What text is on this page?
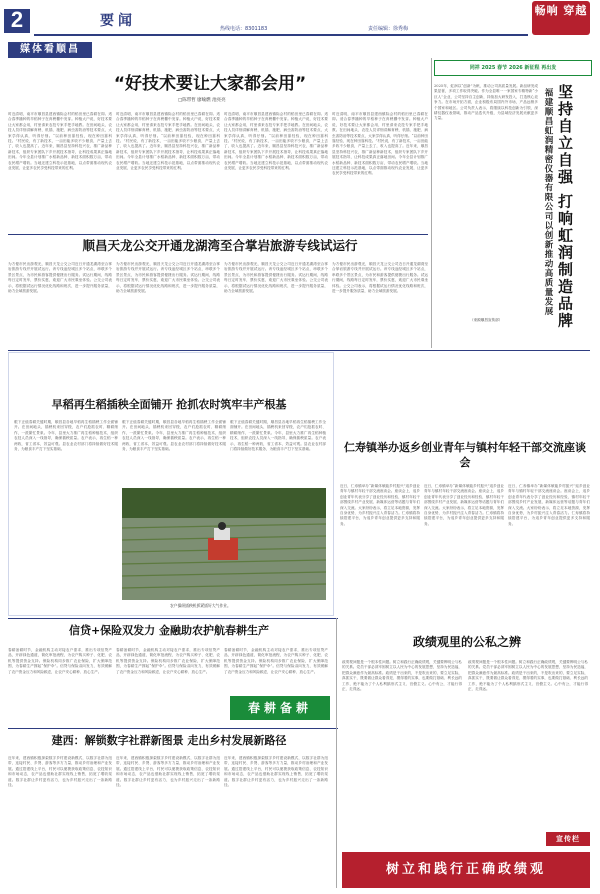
2	要闻	热线电话：8301183	责任编辑：徐秀梅
畅响 穿越
媒体看顺昌
“好技术要让大家都会用”
□陈带哲 廖喻燃 池亮亮
时近清明，南平市顺昌县建西镇际会村的稻田里已春耕在即。适合春季播种的早稻种子在育秧棚中发芽。种植大户说，好技术要让大家都会用，村里请来农技专家手把手地教。在田间地头，农技人员详细讲解育秧、机插、施肥、病虫害防治等技术要点，大家学得认真，听得仔细。“以前种田靠经验，现在种田靠科技。”村民说，有了新技术，一亩田能多收不少粮食，产量上去了，收入也提高了。近年来，顺昌县坚持科技兴农，推广新品种新技术，组织专家团队下乡开展技术指导，让科技成果真正落地田间。今年全县计划推广水稻新品种、新技术面积数万亩，带动农民增产增收。当地还建立科技示范基地，以点带面推动现代农业发展，让更多农民享受科技带来的红利。
时近清明，南平市顺昌县建西镇际会村的稻田里已春耕在即。适合春季播种的早稻种子在育秧棚中发芽。种植大户说，好技术要让大家都会用，村里请来农技专家手把手地教。在田间地头，农技人员详细讲解育秧、机插、施肥、病虫害防治等技术要点，大家学得认真，听得仔细。“以前种田靠经验，现在种田靠科技。”村民说，有了新技术，一亩田能多收不少粮食，产量上去了，收入也提高了。近年来，顺昌县坚持科技兴农，推广新品种新技术，组织专家团队下乡开展技术指导，让科技成果真正落地田间。今年全县计划推广水稻新品种、新技术面积数万亩，带动农民增产增收。当地还建立科技示范基地，以点带面推动现代农业发展，让更多农民享受科技带来的红利。
时近清明，南平市顺昌县建西镇际会村的稻田里已春耕在即。适合春季播种的早稻种子在育秧棚中发芽。种植大户说，好技术要让大家都会用，村里请来农技专家手把手地教。在田间地头，农技人员详细讲解育秧、机插、施肥、病虫害防治等技术要点，大家学得认真，听得仔细。“以前种田靠经验，现在种田靠科技。”村民说，有了新技术，一亩田能多收不少粮食，产量上去了，收入也提高了。近年来，顺昌县坚持科技兴农，推广新品种新技术，组织专家团队下乡开展技术指导，让科技成果真正落地田间。今年全县计划推广水稻新品种、新技术面积数万亩，带动农民增产增收。当地还建立科技示范基地，以点带面推动现代农业发展，让更多农民享受科技带来的红利。
时近清明，南平市顺昌县建西镇际会村的稻田里已春耕在即。适合春季播种的早稻种子在育秧棚中发芽。种植大户说，好技术要让大家都会用，村里请来农技专家手把手地教。在田间地头，农技人员详细讲解育秧、机插、施肥、病虫害防治等技术要点，大家学得认真，听得仔细。“以前种田靠经验，现在种田靠科技。”村民说，有了新技术，一亩田能多收不少粮食，产量上去了，收入也提高了。近年来，顺昌县坚持科技兴农，推广新品种新技术，组织专家团队下乡开展技术指导，让科技成果真正落地田间。今年全县计划推广水稻新品种、新技术面积数万亩，带动农民增产增收。当地还建立科技示范基地，以点带面推动现代农业发展，让更多农民享受科技带来的红利。
同祥 2025 春节 2026 新征程 再出发
2025年，虹润以“创新”为帆，推动公司高质量发展。新品研发成果显著，多项工作取得突破。作为全县唯一一家国家专精特新“小巨人”企业，公司坚持自主创新，持续加大研发投入，打造核心竞争力。在市场开拓方面，企业积极布局国内外市场，产品远销多个国家和地区。公司负责人表示，将继续以科技创新为引领，深耕仪器仪表领域，推动产品迭代升级，为县域经济发展贡献更多力量。
（来源顺昌宣传部）
福建顺昌虹润精密仪器有限公司以创新推动高质量发展 坚持自立自强 打响虹润制造品牌
顺昌天龙公交开通龙湖湾至合掌岩旅游专线试运行
为方便市民出游观光，顺昌天龙公交公司近日开通龙湖湾至合掌岩旅游专线并开展试运行。该专线途经城区多个站点，串联多个景区景点，为市民和游客提供便捷出行服务。试运行期间，线路每日定时发车，票价实惠，欢迎广大市民乘坐体验。公交公司表示，将根据试运行情况优化线路和班次，进一步提升服务质量，助力全域旅游发展。
为方便市民出游观光，顺昌天龙公交公司近日开通龙湖湾至合掌岩旅游专线并开展试运行。该专线途经城区多个站点，串联多个景区景点，为市民和游客提供便捷出行服务。试运行期间，线路每日定时发车，票价实惠，欢迎广大市民乘坐体验。公交公司表示，将根据试运行情况优化线路和班次，进一步提升服务质量，助力全域旅游发展。
为方便市民出游观光，顺昌天龙公交公司近日开通龙湖湾至合掌岩旅游专线并开展试运行。该专线途经城区多个站点，串联多个景区景点，为市民和游客提供便捷出行服务。试运行期间，线路每日定时发车，票价实惠，欢迎广大市民乘坐体验。公交公司表示，将根据试运行情况优化线路和班次，进一步提升服务质量，助力全域旅游发展。
为方便市民出游观光，顺昌天龙公交公司近日开通龙湖湾至合掌岩旅游专线并开展试运行。该专线途经城区多个站点，串联多个景区景点，为市民和游客提供便捷出行服务。试运行期间，线路每日定时发车，票价实惠，欢迎广大市民乘坐体验。公交公司表示，将根据试运行情况优化线路和班次，进一步提升服务质量，助力全域旅游发展。
早稻再生稻插秧全面铺开 抢抓农时筑牢丰产根基
眼下正值春耕关键时期，顺昌县各地早稻再生稻插秧工作全面铺开。在田间地头，插秧机来回穿梭，农户们抢抓农时、精耕细作，一派繁忙景象。今年，县里大力推广再生稻种植技术，组织农技人员深入一线指导，确保插秧质量。农户表示，再生稻一种两收，省工省本，效益可观。县农业农村部门将持续做好技术服务，为粮食丰产打下坚实基础。
眼下正值春耕关键时期，顺昌县各地早稻再生稻插秧工作全面铺开。在田间地头，插秧机来回穿梭，农户们抢抓农时、精耕细作，一派繁忙景象。今年，县里大力推广再生稻种植技术，组织农技人员深入一线指导，确保插秧质量。农户表示，再生稻一种两收，省工省本，效益可观。县农业农村部门将持续做好技术服务，为粮食丰产打下坚实基础。
眼下正值春耕关键时期，顺昌县各地早稻再生稻插秧工作全面铺开。在田间地头，插秧机来回穿梭，农户们抢抓农时、精耕细作，一派繁忙景象。今年，县里大力推广再生稻种植技术，组织农技人员深入一线指导，确保插秧质量。农户表示，再生稻一种两收，省工省本，效益可观。县农业农村部门将持续做好技术服务，为粮食丰产打下坚实基础。
农户操纵插秧机抓紧插好大气作业。
仁寿镇举办返乡创业青年与镇村年轻干部交流座谈会
近日，仁寿镇举办“新媒体赋能乡村振兴”返乡创业青年与镇村年轻干部交流座谈会。座谈会上，返乡创业青年代表分享了创业经历和经验，镇村年轻干部围绕乡村产业发展、新媒体运营等话题与青年们深入交流。大家纷纷表示，将立足本地资源，发挥自身优势，为乡村振兴注入青春活力。仁寿镇将持续搭建平台，为返乡青年创业提供更多支持和服务。
近日，仁寿镇举办“新媒体赋能乡村振兴”返乡创业青年与镇村年轻干部交流座谈会。座谈会上，返乡创业青年代表分享了创业经历和经验，镇村年轻干部围绕乡村产业发展、新媒体运营等话题与青年们深入交流。大家纷纷表示，将立足本地资源，发挥自身优势，为乡村振兴注入青春活力。仁寿镇将持续搭建平台，为返乡青年创业提供更多支持和服务。
近日，仁寿镇举办“新媒体赋能乡村振兴”返乡创业青年与镇村年轻干部交流座谈会。座谈会上，返乡创业青年代表分享了创业经历和经验，镇村年轻干部围绕乡村产业发展、新媒体运营等话题与青年们深入交流。大家纷纷表示，将立足本地资源，发挥自身优势，为乡村振兴注入青春活力。仁寿镇将持续搭建平台，为返乡青年创业提供更多支持和服务。
信贷+保险双发力 金融助农护航春耕生产
春耕备耕时节，金融机构主动对接农户需求，推出专项信贷产品，开辟绿色通道，简化审批流程，为农户购买种子、化肥、农机等提供资金支持。保险机构同步推广农业保险，扩大保障范围，为春耕生产撑起“保护伞”。信贷与保险双向发力，有效缓解了农户资金压力和风险顾虑，让农户安心耕种、放心生产。
春耕备耕时节，金融机构主动对接农户需求，推出专项信贷产品，开辟绿色通道，简化审批流程，为农户购买种子、化肥、农机等提供资金支持。保险机构同步推广农业保险，扩大保障范围，为春耕生产撑起“保护伞”。信贷与保险双向发力，有效缓解了农户资金压力和风险顾虑，让农户安心耕种、放心生产。
春耕备耕时节，金融机构主动对接农户需求，推出专项信贷产品，开辟绿色通道，简化审批流程，为农户购买种子、化肥、农机等提供资金支持。保险机构同步推广农业保险，扩大保障范围，为春耕生产撑起“保护伞”。信贷与保险双向发力，有效缓解了农户资金压力和风险顾虑，让农户安心耕种、放心生产。
春耕备耕
建西：解锁数字社群新图景 走出乡村发展新路径
近年来，建西镇积极探索数字乡村建设新模式，以数字社群为纽带，连接村民、乡贤、游客等多方力量，推动乡村治理和产业发展。通过搭建线上平台，村民可以便捷获取政策信息、农技知识和市场动态，农产品也借助社群实现线上销售，拓宽了增收渠道。数字社群让乡村更有活力，也为乡村振兴走出了一条新路径。
近年来，建西镇积极探索数字乡村建设新模式，以数字社群为纽带，连接村民、乡贤、游客等多方力量，推动乡村治理和产业发展。通过搭建线上平台，村民可以便捷获取政策信息、农技知识和市场动态，农产品也借助社群实现线上销售，拓宽了增收渠道。数字社群让乡村更有活力，也为乡村振兴走出了一条新路径。
近年来，建西镇积极探索数字乡村建设新模式，以数字社群为纽带，连接村民、乡贤、游客等多方力量，推动乡村治理和产业发展。通过搭建线上平台，村民可以便捷获取政策信息、农技知识和市场动态，农产品也借助社群实现线上销售，拓宽了增收渠道。数字社群让乡村更有活力，也为乡村振兴走出了一条新路径。
政绩观里的公私之辨
政绩观问题是一个根本性问题。树立和践行正确政绩观，关键要辨明公与私的关系。党员干部必须牢固树立以人民为中心的发展思想，坚持为民造福，把群众满意作为最高标准。政绩是干出来的，不是吹出来的，要立足实际，真抓实干，既要做让群众看得见、摸得着的实事，也要做打基础、利长远的工作，绝不能为了个人私利搞形式主义、官僚主义。心中有公，才能行得正、走得远。
政绩观问题是一个根本性问题。树立和践行正确政绩观，关键要辨明公与私的关系。党员干部必须牢固树立以人民为中心的发展思想，坚持为民造福，把群众满意作为最高标准。政绩是干出来的，不是吹出来的，要立足实际，真抓实干，既要做让群众看得见、摸得着的实事，也要做打基础、利长远的工作，绝不能为了个人私利搞形式主义、官僚主义。心中有公，才能行得正、走得远。
宣传栏
树立和践行正确政绩观
